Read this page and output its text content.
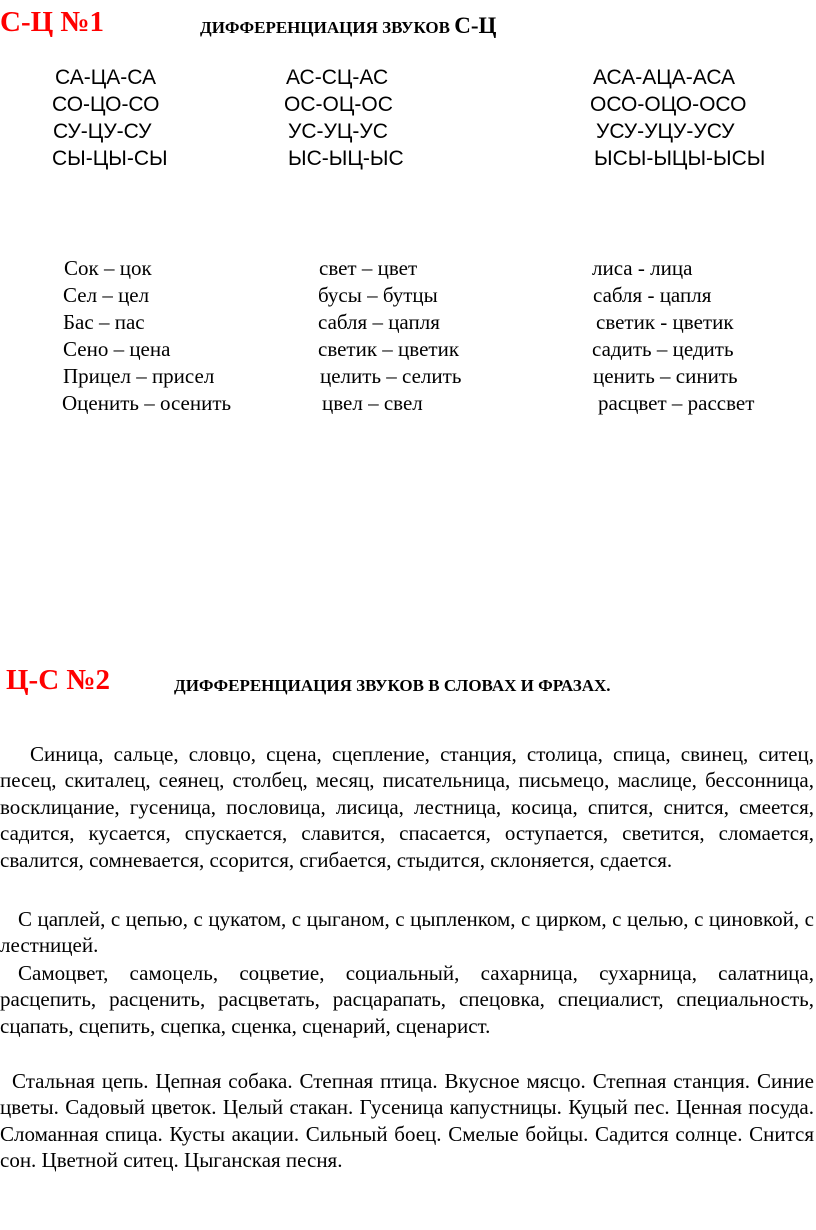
С-Ц №1	ДИФФЕРЕНЦИАЦИЯ ЗВУКОВ С-Ц
СА-ЦА-СА
СО-ЦО-СО
СУ-ЦУ-СУ
СЫ-ЦЫ-СЫ
АС-СЦ-АС
ОС-ОЦ-ОС
УС-УЦ-УС
ЫС-ЫЦ-ЫС
АСА-АЦА-АСА
ОСО-ОЦО-ОСО
УСУ-УЦУ-УСУ
ЫСЫ-ЫЦЫ-ЫСЫ
Сок – цок
Сел – цел
Бас – пас
Сено – цена
Прицел – присел
Оценить – осенить
свет – цвет
бусы – бутцы
сабля – цапля
светик – цветик
целить – селить
цвел – свел
лиса - лица
сабля - цапля
светик - цветик
садить – цедить
ценить – синить
расцвет – рассвет
Ц-С №2	ДИФФЕРЕНЦИАЦИЯ ЗВУКОВ В СЛОВАХ И ФРАЗАХ.
Синица, сальце, словцо, сцена, сцепление, станция, столица, спица, свинец, ситец, песец, скиталец, сеянец, столбец, месяц, писательница, письмецо, маслице, бессонница, восклицание, гусеница, пословица, лисица, лестница, косица, спится, снится, смеется, садится, кусается, спускается, славится, спасается, оступается, светится, сломается, свалится, сомневается, ссорится, сгибается, стыдится, склоняется, сдается.
С цаплей, с цепью, с цукатом, с цыганом, с цыпленком, с цирком, с целью, с циновкой, с лестницей.
Самоцвет, самоцель, соцветие, социальный, сахарница, сухарница, салатница, расцепить, расценить, расцветать, расцарапать, спецовка, специалист, специальность, сцапать, сцепить, сцепка, сценка, сценарий, сценарист.
Стальная цепь. Цепная собака. Степная птица. Вкусное мясцо. Степная станция. Синие цветы. Садовый цветок. Целый стакан. Гусеница капустницы. Куцый пес. Ценная посуда. Сломанная спица. Кусты акации. Сильный боец. Смелые бойцы. Садится солнце. Снится сон. Цветной ситец. Цыганская песня.
